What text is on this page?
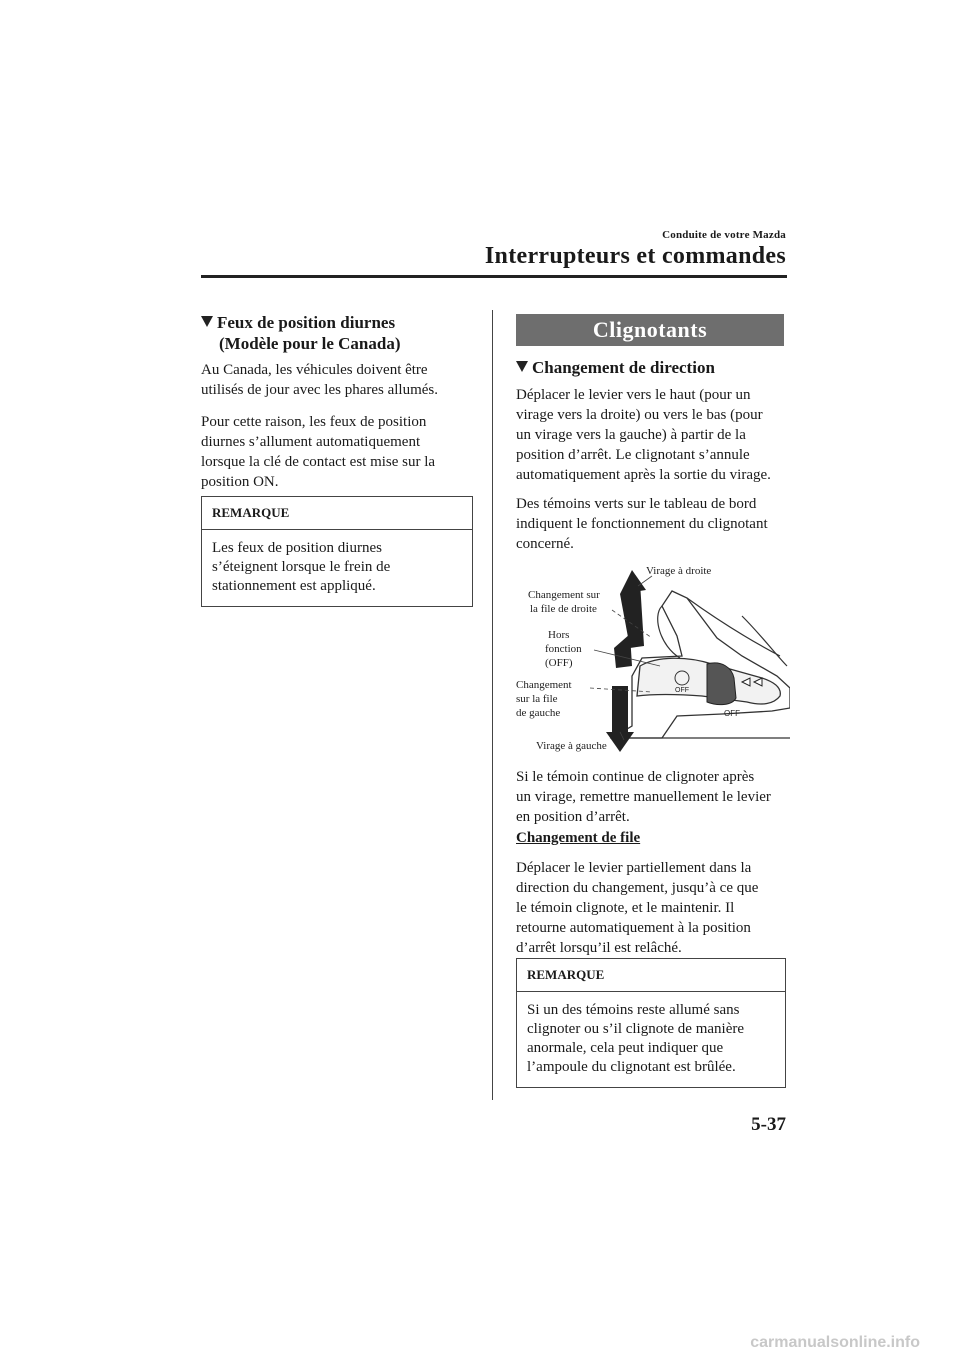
Conduite de votre Mazda
Interrupteurs et commandes
Feux de position diurnes
(Modèle pour le Canada)
Au Canada, les véhicules doivent être
utilisés de jour avec les phares allumés.
Pour cette raison, les feux de position
diurnes s’allument automatiquement
lorsque la clé de contact est mise sur la
position ON.
REMARQUE
Les feux de position diurnes
s’éteignent lorsque le frein de
stationnement est appliqué.
Clignotants
Changement de direction
Déplacer le levier vers le haut (pour un
virage vers la droite) ou vers le bas (pour
un virage vers la gauche) à partir de la
position d’arrêt. Le clignotant s’annule
automatiquement après la sortie du virage.
Des témoins verts sur le tableau de bord
indiquent le fonctionnement du clignotant
concerné.
OFF
OFF
Virage à droite
Changement sur
la file de droite
Hors
fonction
(OFF)
Changement
sur la file
de gauche
Virage à gauche
Si le témoin continue de clignoter après
un virage, remettre manuellement le levier
en position d’arrêt.
Changement de file
Déplacer le levier partiellement dans la
direction du changement, jusqu’à ce que
le témoin clignote, et le maintenir. Il
retourne automatiquement à la position
d’arrêt lorsqu’il est relâché.
REMARQUE
Si un des témoins reste allumé sans
clignoter ou s’il clignote de manière
anormale, cela peut indiquer que
l’ampoule du clignotant est brûlée.
5-37
carmanualsonline.info
